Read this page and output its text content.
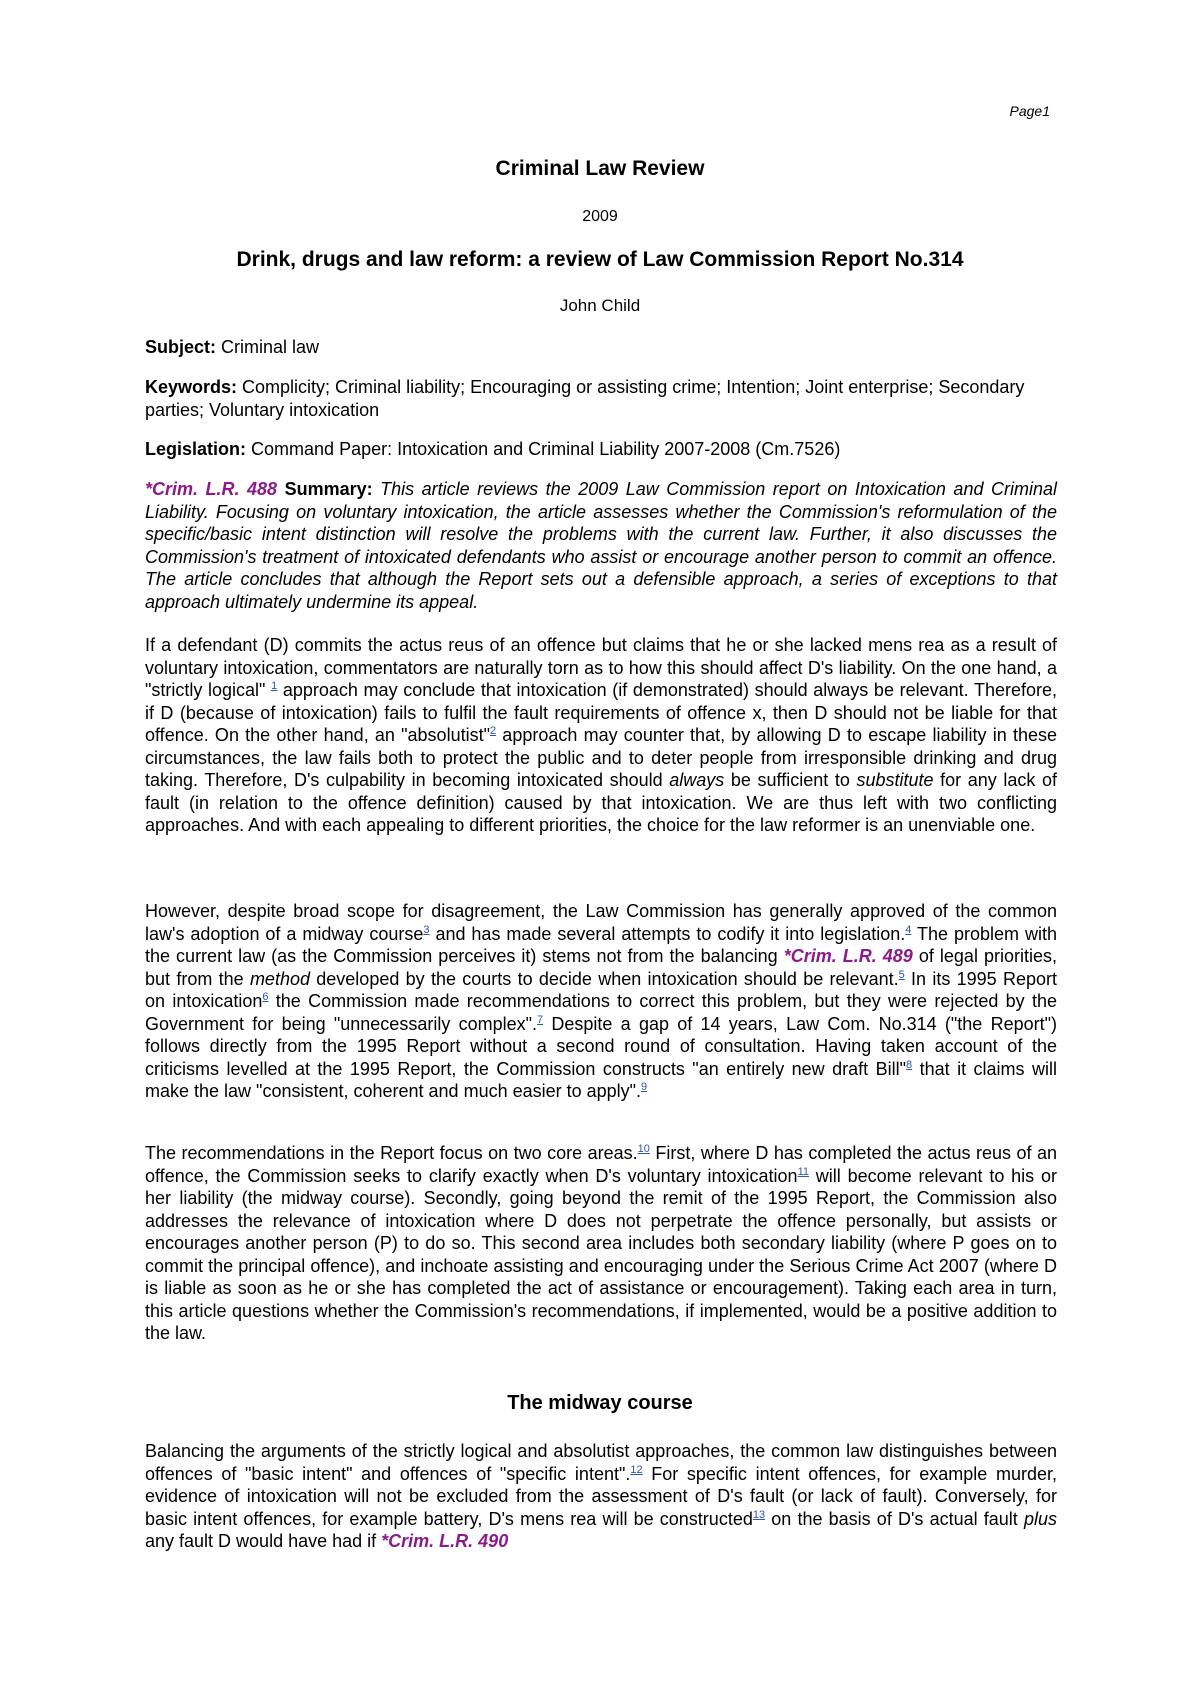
Page1
Criminal Law Review
2009
Drink, drugs and law reform: a review of Law Commission Report No.314
John Child
Subject: Criminal law
Keywords: Complicity; Criminal liability; Encouraging or assisting crime; Intention; Joint enterprise; Secondary parties; Voluntary intoxication
Legislation: Command Paper: Intoxication and Criminal Liability 2007-2008 (Cm.7526)
*Crim. L.R. 488 Summary: This article reviews the 2009 Law Commission report on Intoxication and Criminal Liability. Focusing on voluntary intoxication, the article assesses whether the Commission's reformulation of the specific/basic intent distinction will resolve the problems with the current law. Further, it also discusses the Commission's treatment of intoxicated defendants who assist or encourage another person to commit an offence. The article concludes that although the Report sets out a defensible approach, a series of exceptions to that approach ultimately undermine its appeal.
If a defendant (D) commits the actus reus of an offence but claims that he or she lacked mens rea as a result of voluntary intoxication, commentators are naturally torn as to how this should affect D's liability. On the one hand, a "strictly logical" $^1$ approach may conclude that intoxication (if demonstrated) should always be relevant. Therefore, if D (because of intoxication) fails to fulfil the fault requirements of offence x, then D should not be liable for that offence. On the other hand, an "absolutist"$^2$ approach may counter that, by allowing D to escape liability in these circumstances, the law fails both to protect the public and to deter people from irresponsible drinking and drug taking. Therefore, D's culpability in becoming intoxicated should always be sufficient to substitute for any lack of fault (in relation to the offence definition) caused by that intoxication. We are thus left with two conflicting approaches. And with each appealing to different priorities, the choice for the law reformer is an unenviable one.
However, despite broad scope for disagreement, the Law Commission has generally approved of the common law's adoption of a midway course$^3$ and has made several attempts to codify it into legislation.$^4$ The problem with the current law (as the Commission perceives it) stems not from the balancing *Crim. L.R. 489 of legal priorities, but from the method developed by the courts to decide when intoxication should be relevant.$^5$ In its 1995 Report on intoxication$^6$ the Commission made recommendations to correct this problem, but they were rejected by the Government for being "unnecessarily complex".$^7$ Despite a gap of 14 years, Law Com. No.314 ("the Report") follows directly from the 1995 Report without a second round of consultation. Having taken account of the criticisms levelled at the 1995 Report, the Commission constructs "an entirely new draft Bill"$^8$ that it claims will make the law "consistent, coherent and much easier to apply".$^9$
The recommendations in the Report focus on two core areas.$^{10}$ First, where D has completed the actus reus of an offence, the Commission seeks to clarify exactly when D's voluntary intoxication$^{11}$ will become relevant to his or her liability (the midway course). Secondly, going beyond the remit of the 1995 Report, the Commission also addresses the relevance of intoxication where D does not perpetrate the offence personally, but assists or encourages another person (P) to do so. This second area includes both secondary liability (where P goes on to commit the principal offence), and inchoate assisting and encouraging under the Serious Crime Act 2007 (where D is liable as soon as he or she has completed the act of assistance or encouragement). Taking each area in turn, this article questions whether the Commission's recommendations, if implemented, would be a positive addition to the law.
The midway course
Balancing the arguments of the strictly logical and absolutist approaches, the common law distinguishes between offences of "basic intent" and offences of "specific intent".$^{12}$ For specific intent offences, for example murder, evidence of intoxication will not be excluded from the assessment of D's fault (or lack of fault). Conversely, for basic intent offences, for example battery, D's mens rea will be constructed$^{13}$ on the basis of D's actual fault plus any fault D would have had if *Crim. L.R. 490
